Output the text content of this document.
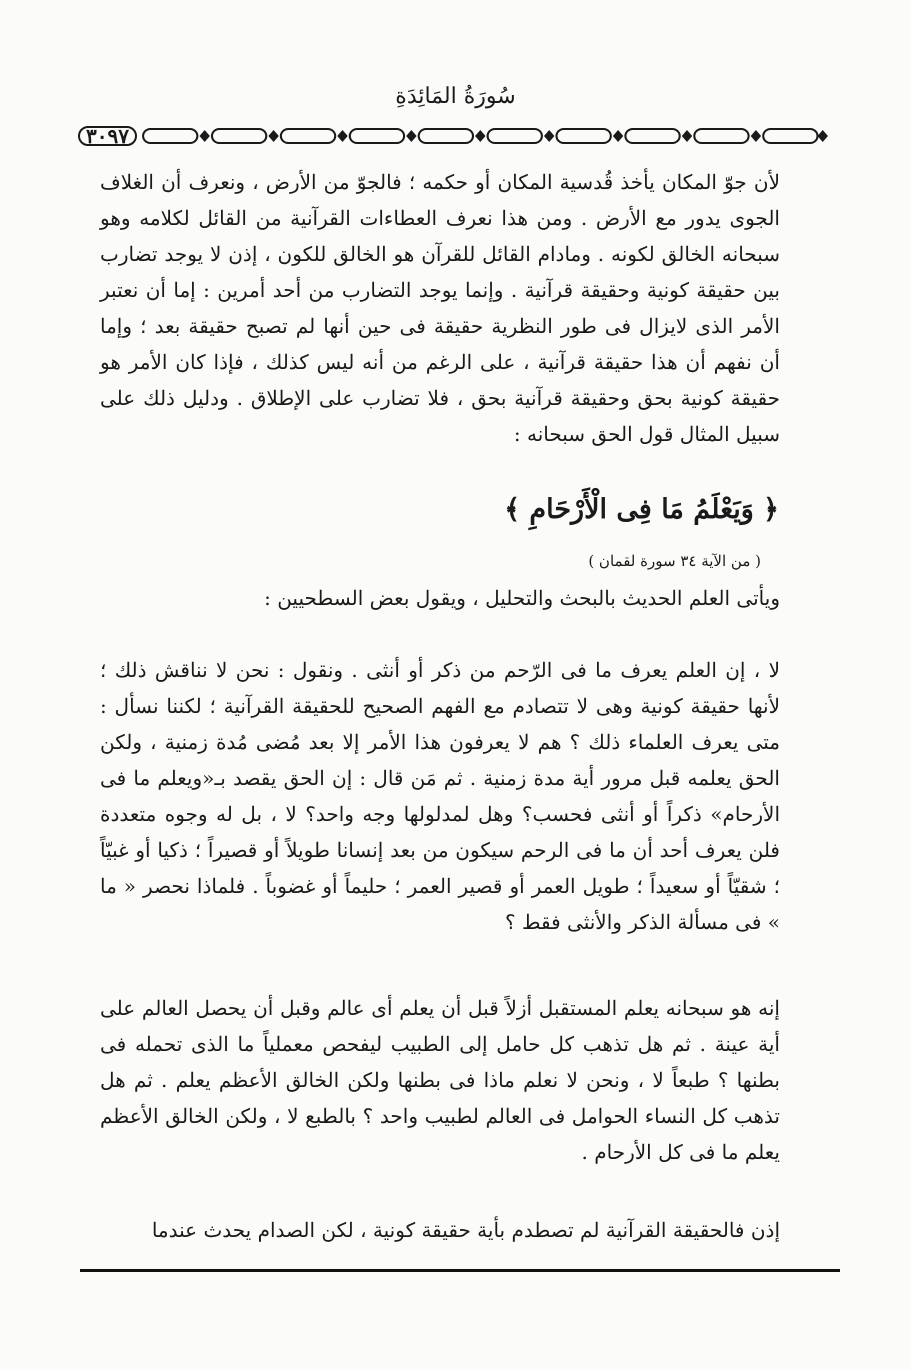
سُورَةُ المَائِدَةِ
٣٠٩٧
لأن جوّ المكان يأخذ قُدسية المكان أو حكمه ؛ فالجوّ من الأرض ، ونعرف أن الغلاف الجوى يدور مع الأرض . ومن هذا نعرف العطاءات القرآنية من القائل لكلامه وهو سبحانه الخالق لكونه . ومادام القائل للقرآن هو الخالق للكون ، إذن لا يوجد تضارب بين حقيقة كونية وحقيقة قرآنية . وإنما يوجد التضارب من أحد أمرين : إما أن نعتبر الأمر الذى لايزال فى طور النظرية حقيقة فى حين أنها لم تصبح حقيقة بعد ؛ وإما أن نفهم أن هذا حقيقة قرآنية ، على الرغم من أنه ليس كذلك ، فإذا كان الأمر هو حقيقة كونية بحق وحقيقة قرآنية بحق ، فلا تضارب على الإطلاق . ودليل ذلك على سبيل المثال قول الحق سبحانه :
﴿ وَيَعْلَمُ مَا فِى الْأَرْحَامِ ﴾
( من الآية ٣٤ سورة لقمان )
ويأتى العلم الحديث بالبحث والتحليل ، ويقول بعض السطحيين :
لا ، إن العلم يعرف ما فى الرّحم من ذكر أو أنثى . ونقول : نحن لا نناقش ذلك ؛ لأنها حقيقة كونية وهى لا تتصادم مع الفهم الصحيح للحقيقة القرآنية ؛ لكننا نسأل : متى يعرف العلماء ذلك ؟ هم لا يعرفون هذا الأمر إلا بعد مُضى مُدة زمنية ، ولكن الحق يعلمه قبل مرور أية مدة زمنية . ثم مَن قال : إن الحق يقصد بـ«ويعلم ما فى الأرحام» ذكراً أو أنثى فحسب؟ وهل لمدلولها وجه واحد؟ لا ، بل له وجوه متعددة فلن يعرف أحد أن ما فى الرحم سيكون من بعد إنسانا طويلاً أو قصيراً ؛ ذكيا أو غبيّاً ؛ شقيّاً أو سعيداً ؛ طويل العمر أو قصير العمر ؛ حليماً أو غضوباً . فلماذا نحصر « ما » فى مسألة الذكر والأنثى فقط ؟
إنه هو سبحانه يعلم المستقبل أزلاً قبل أن يعلم أى عالم وقبل أن يحصل العالم على أية عينة . ثم هل تذهب كل حامل إلى الطبيب ليفحص معملياً ما الذى تحمله فى بطنها ؟ طبعاً لا ، ونحن لا نعلم ماذا فى بطنها ولكن الخالق الأعظم يعلم . ثم هل تذهب كل النساء الحوامل فى العالم لطبيب واحد ؟ بالطبع لا ، ولكن الخالق الأعظم يعلم ما فى كل الأرحام .
إذن فالحقيقة القرآنية لم تصطدم بأية حقيقة كونية ، لكن الصدام يحدث عندما
